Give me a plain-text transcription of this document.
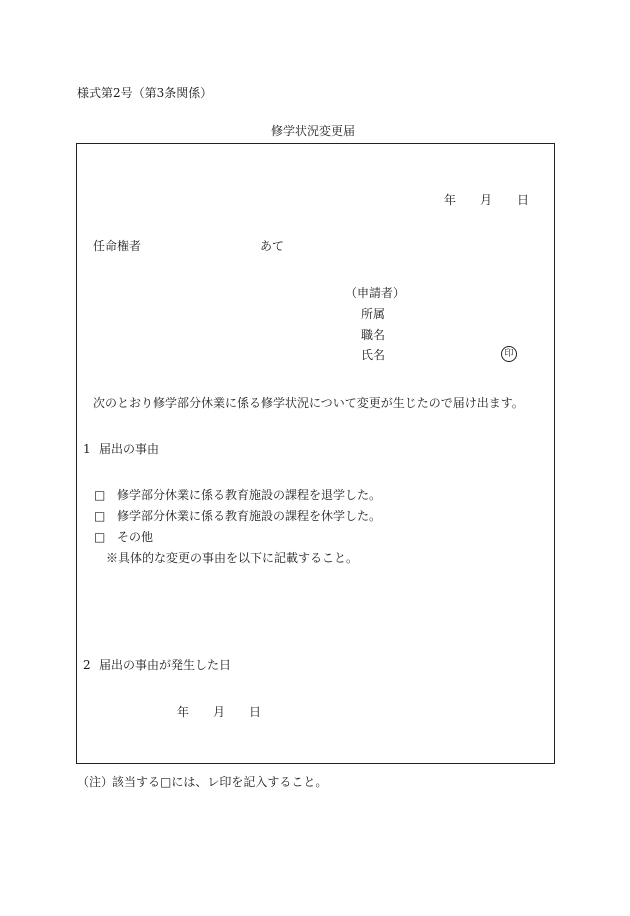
様式第2号（第3条関係）
修学状況変更届
年 月 日
任命権者	あて
（申請者）
所属
職名
氏名	印
次のとおり修学部分休業に係る修学状況について変更が生じたので届け出ます。
1 届出の事由
□ 修学部分休業に係る教育施設の課程を退学した。
□ 修学部分休業に係る教育施設の課程を休学した。
□ その他
※具体的な変更の事由を以下に記載すること。
2 届出の事由が発生した日
年 月 日
（注）
該当する□には、レ印を記入すること。
